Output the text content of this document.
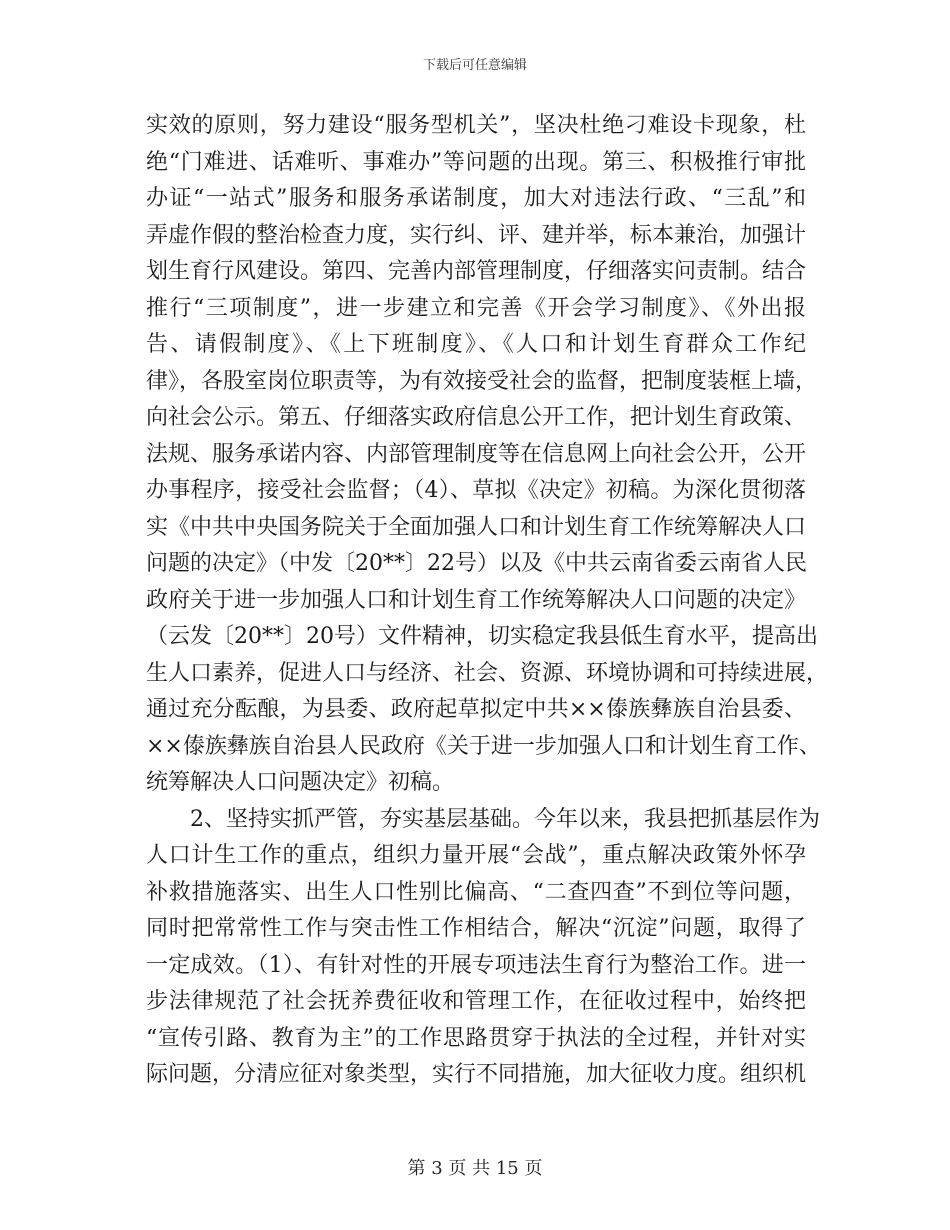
下载后可任意编辑
实效的原则，努力建设“服务型机关”，坚决杜绝刁难设卡现象，杜
绝“门难进、话难听、事难办”等问题的出现。第三、积极推行审批
办证“一站式”服务和服务承诺制度，加大对违法行政、“三乱”和
弄虚作假的整治检查力度，实行纠、评、建并举，标本兼治，加强计
划生育行风建设。第四、完善内部管理制度，仔细落实问责制。结合
推行“三项制度”，进一步建立和完善《开会学习制度》、《外出报
告、请假制度》、《上下班制度》、《人口和计划生育群众工作纪
律》，各股室岗位职责等，为有效接受社会的监督，把制度装框上墙，
向社会公示。第五、仔细落实政府信息公开工作，把计划生育政策、
法规、服务承诺内容、内部管理制度等在信息网上向社会公开，公开
办事程序，接受社会监督；（4）、草拟《决定》初稿。为深化贯彻落
实《中共中央国务院关于全面加强人口和计划生育工作统筹解决人口
问题的决定》（中发〔20**〕22号）以及《中共云南省委云南省人民
政府关于进一步加强人口和计划生育工作统筹解决人口问题的决定》
（云发〔20**〕20号）文件精神，切实稳定我县低生育水平，提高出
生人口素养，促进人口与经济、社会、资源、环境协调和可持续进展，
通过充分酝酿，为县委、政府起草拟定中共××傣族彝族自治县委、
××傣族彝族自治县人民政府《关于进一步加强人口和计划生育工作、
统筹解决人口问题决定》初稿。
2、坚持实抓严管，夯实基层基础。今年以来，我县把抓基层作为
人口计生工作的重点，组织力量开展“会战”，重点解决政策外怀孕
补救措施落实、出生人口性别比偏高、“二查四查”不到位等问题，
同时把常常性工作与突击性工作相结合，解决“沉淀”问题，取得了
一定成效。（1）、有针对性的开展专项违法生育行为整治工作。进一
步法律规范了社会抚养费征收和管理工作，在征收过程中，始终把
“宣传引路、教育为主”的工作思路贯穿于执法的全过程，并针对实
际问题，分清应征对象类型，实行不同措施，加大征收力度。组织机
第 3 页 共 15 页
